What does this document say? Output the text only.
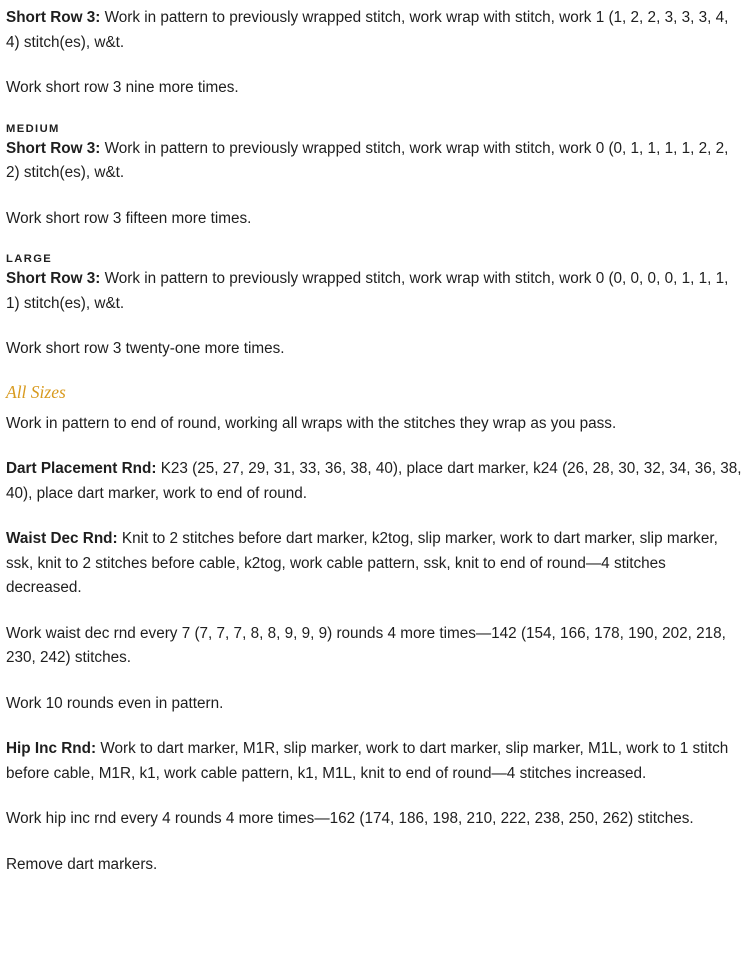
Short Row 3: Work in pattern to previously wrapped stitch, work wrap with stitch, work 1 (1, 2, 2, 3, 3, 3, 4, 4) stitch(es), w&t.

Work short row 3 nine more times.

MEDIUM

Short Row 3: Work in pattern to previously wrapped stitch, work wrap with stitch, work 0 (0, 1, 1, 1, 1, 2, 2, 2) stitch(es), w&t.

Work short row 3 fifteen more times.

LARGE

Short Row 3: Work in pattern to previously wrapped stitch, work wrap with stitch, work 0 (0, 0, 0, 0, 1, 1, 1, 1) stitch(es), w&t.

Work short row 3 twenty-one more times.

All Sizes

Work in pattern to end of round, working all wraps with the stitches they wrap as you pass.

Dart Placement Rnd: K23 (25, 27, 29, 31, 33, 36, 38, 40), place dart marker, k24 (26, 28, 30, 32, 34, 36, 38, 40), place dart marker, work to end of round.

Waist Dec Rnd: Knit to 2 stitches before dart marker, k2tog, slip marker, work to dart marker, slip marker, ssk, knit to 2 stitches before cable, k2tog, work cable pattern, ssk, knit to end of round—4 stitches decreased.

Work waist dec rnd every 7 (7, 7, 7, 8, 8, 9, 9, 9) rounds 4 more times—142 (154, 166, 178, 190, 202, 218, 230, 242) stitches.

Work 10 rounds even in pattern.

Hip Inc Rnd: Work to dart marker, M1R, slip marker, work to dart marker, slip marker, M1L, work to 1 stitch before cable, M1R, k1, work cable pattern, k1, M1L, knit to end of round—4 stitches increased.

Work hip inc rnd every 4 rounds 4 more times—162 (174, 186, 198, 210, 222, 238, 250, 262) stitches.

Remove dart markers.
